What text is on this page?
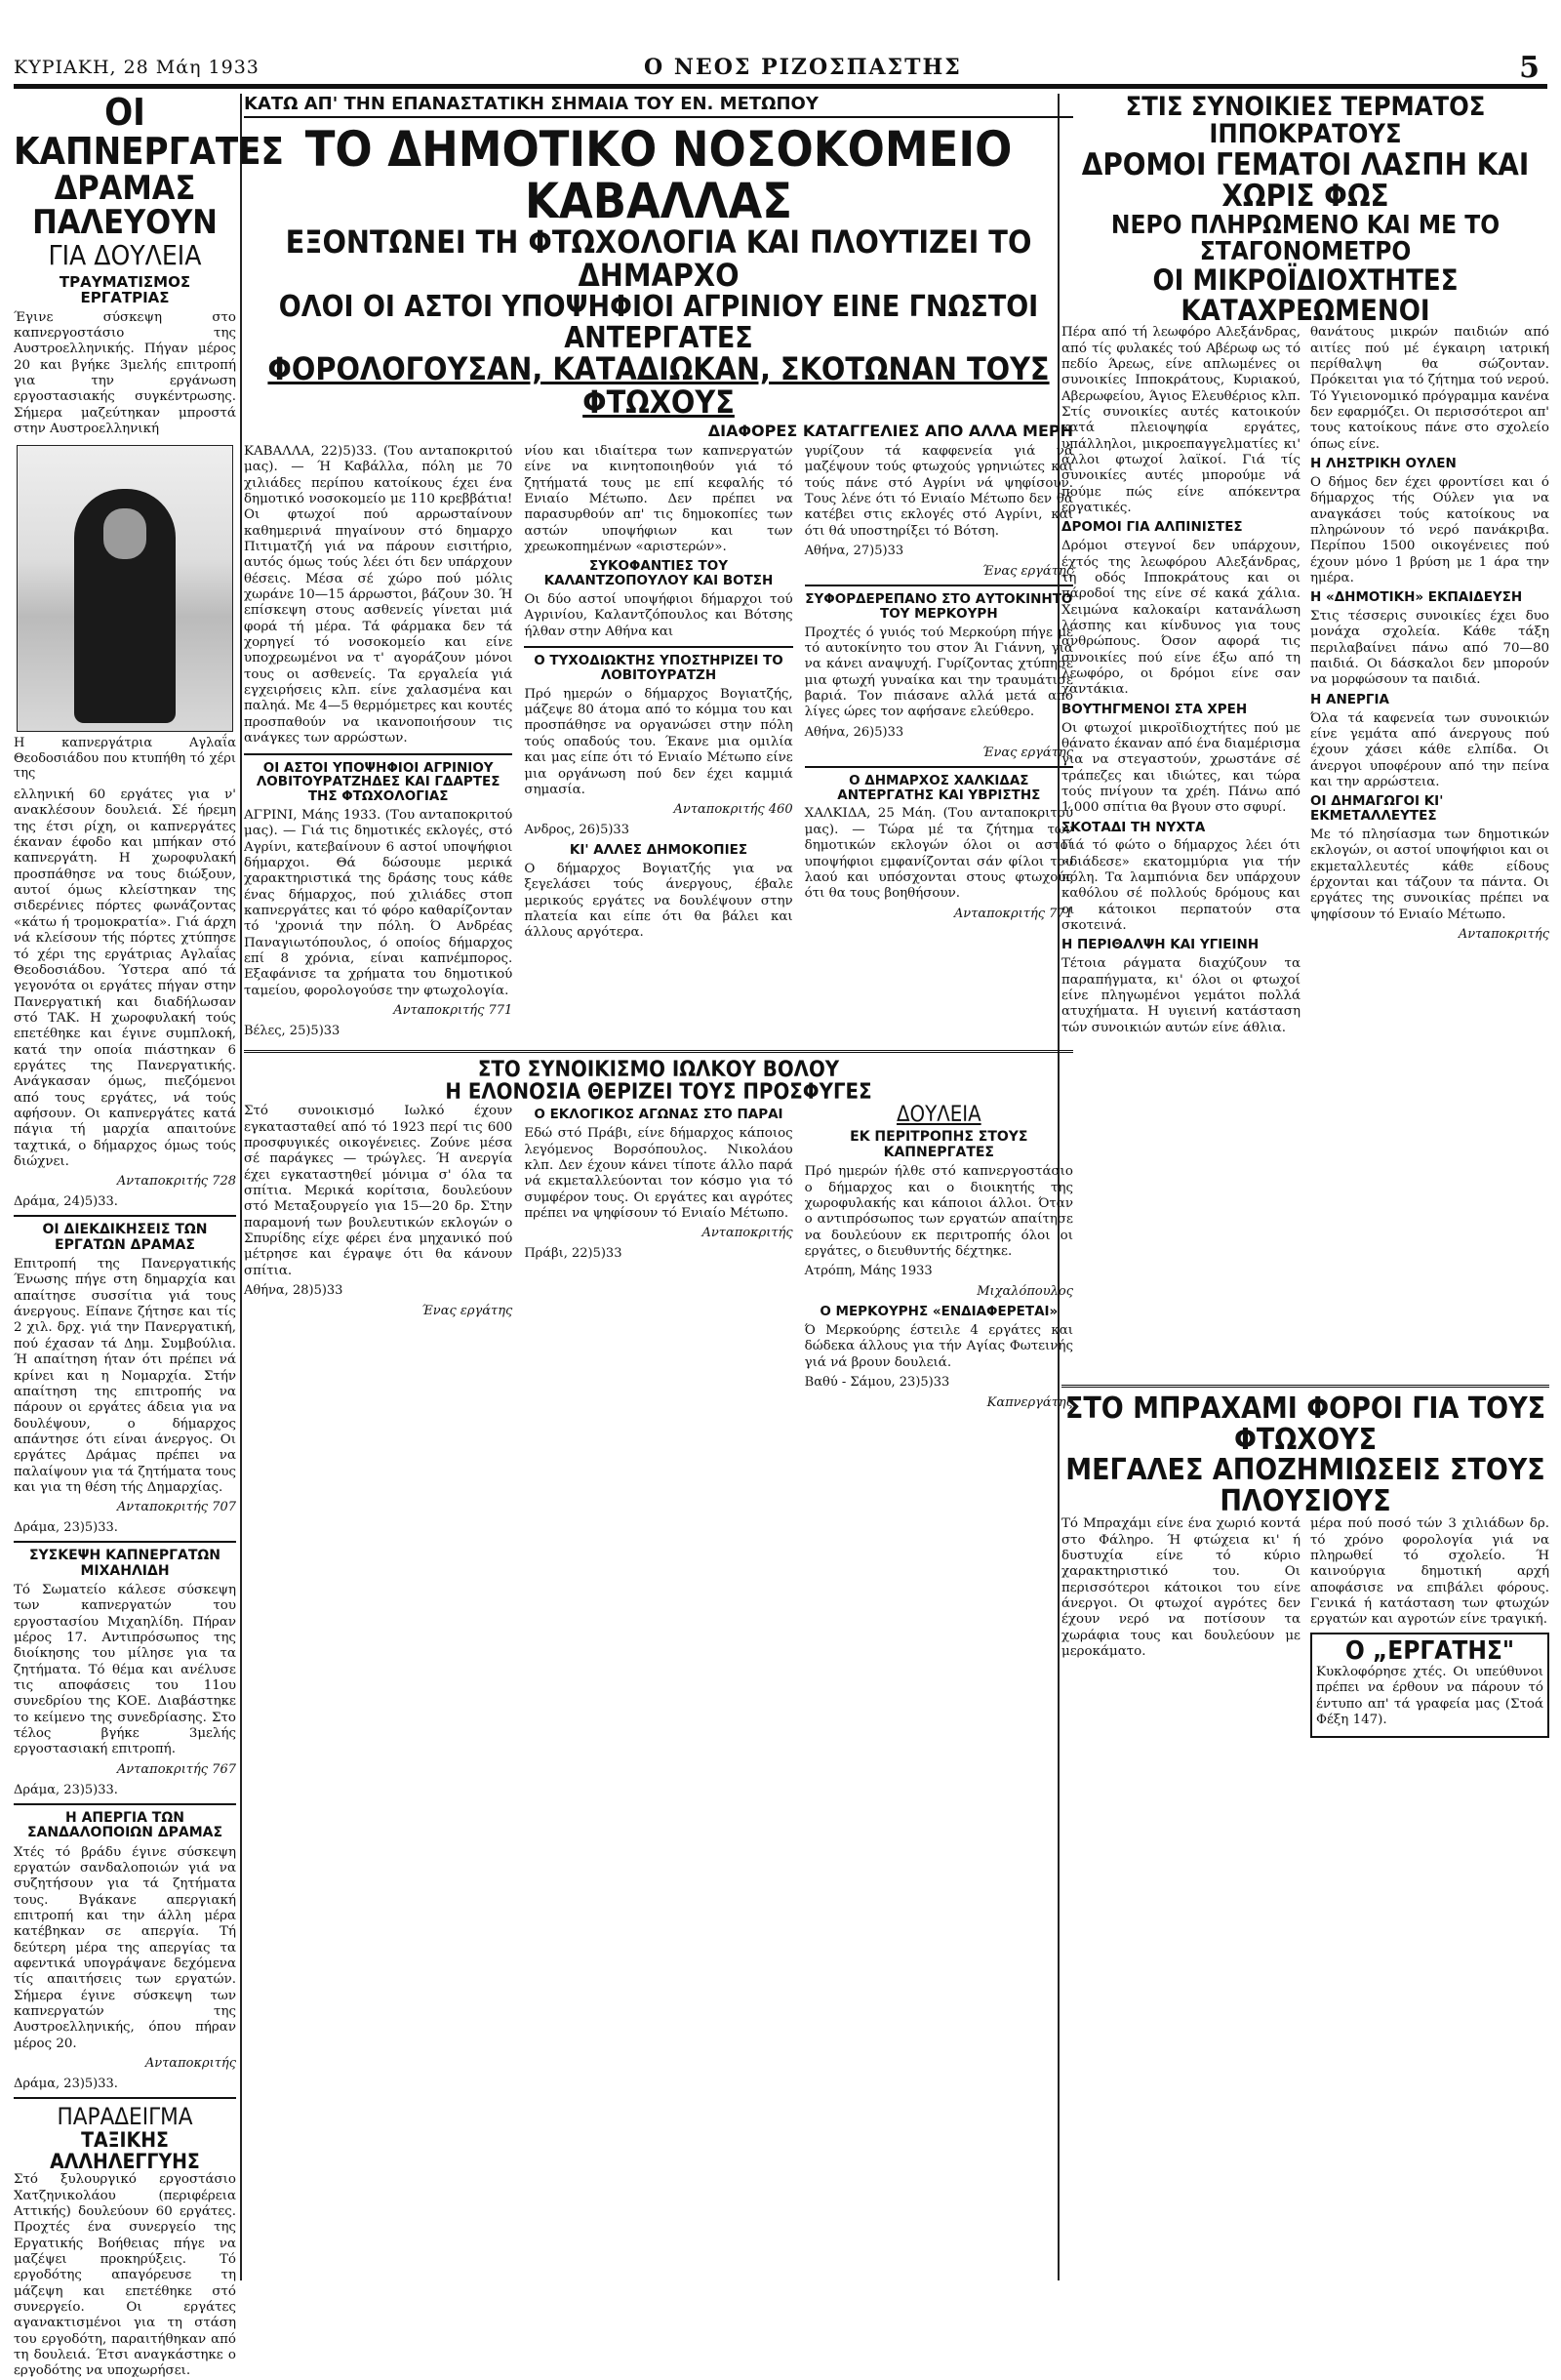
ΚΥΡΙΑΚΗ, 28 Μάη 1933	Ο ΝΕΟΣ ΡΙΖΟΣΠΑΣΤΗΣ	5
ΟΙ ΚΑΠΝΕΡΓΑΤΕΣ
ΔΡΑΜΑΣ ΠΑΛΕΥΟΥΝ
ΓΙΑ ΔΟΥΛΕΙΑ
ΤΡΑΥΜΑΤΙΣΜΟΣ ΕΡΓΑΤΡΙΑΣ

Έγινε σύσκεψη στο καπνεργοστάσιο της Αυστροελληνικής. Πήγαν μέρος 20 και βγήκε 3μελής επιτροπή για την εργάνωση εργοστασιακής συγκέντρωσης. Σήμερα μαζεύτηκαν μπροστά στην Αυστροελληνική

Η καπνεργάτρια Αγλαΐα Θεοδοσιάδου που κτυπήθη τό χέρι της

ελληνική 60 εργάτες για ν' ανακλέσουν δουλειά. Σέ ήρεμη της έτσι ρίχη, οι καπνεργάτες έκαναν έφοδο και μπήκαν στό καπνεργάτη. Η χωροφυλακή προσπάθησε να τους διώξουν, αυτοί όμως κλείστηκαν της σιδερένιες πόρτες φωνάζοντας «κάτω ή τρομοκρατία». Γιά άρχη νά κλείσουν τής πόρτες χτύπησε τό χέρι της εργάτριας Αγλαΐας Θεοδοσιάδου. Ύστερα από τά γεγονότα οι εργάτες πήγαν στην Πανεργατική και διαδήλωσαν στό ΤΑΚ. Η χωροφυλακή τούς επετέθηκε και έγινε συμπλοκή, κατά την οποία πιάστηκαν 6 εργάτες της Πανεργατικής. Ανάγκασαν όμως, πιεζόμενοι από τους εργάτες, νά τούς αφήσουν. Οι καπνεργάτες κατά πάγια τή μαρχία απαιτούνε ταχτικά, ο δήμαρχος όμως τούς διώχνει.

Ανταποκριτής 728

Δράμα, 24)5)33.

ΟΙ ΔΙΕΚΔΙΚΗΣΕΙΣ ΤΩΝ ΕΡΓΑΤΩΝ ΔΡΑΜΑΣ

Επιτροπή της Πανεργατικής Ένωσης πήγε στη δημαρχία και απαίτησε συσσίτια γιά τους άνεργους. Είπανε ζήτησε και τίς 2 χιλ. δρχ. γιά την Πανεργατική, πού έχασαν τά Δημ. Συμβούλια. Ή απαίτηση ήταν ότι πρέπει νά κρίνει και η Νομαρχία. Στήν απαίτηση της επιτροπής να πάρουν οι εργάτες άδεια για να δουλέψουν, ο δήμαρχος απάντησε ότι είναι άνεργος. Οι εργάτες Δράμας πρέπει να παλαίψουν για τά ζητήματα τους και για τη θέση τής Δημαρχίας.

Ανταποκριτής 707

Δράμα, 23)5)33.

ΣΥΣΚΕΨΗ ΚΑΠΝΕΡΓΑΤΩΝ ΜΙΧΑΗΛΙΔΗ

Τό Σωματείο κάλεσε σύσκεψη των καπνεργατών του εργοστασίου Μιχαηλίδη. Πήραν μέρος 17. Αντιπρόσωπος της διοίκησης του μίλησε για τα ζητήματα. Τό θέμα και ανέλυσε τις αποφάσεις του 11ου συνεδρίου της ΚΟΕ. Διαβάστηκε το κείμενο της συνεδρίασης. Στο τέλος βγήκε 3μελής εργοστασιακή επιτροπή.

Ανταποκριτής 767

Δράμα, 23)5)33.

Η ΑΠΕΡΓΙΑ ΤΩΝ ΣΑΝΔΑΛΟΠΟΙΩΝ ΔΡΑΜΑΣ

Χτές τό βράδυ έγινε σύσκεψη εργατών σανδαλοποιών γιά να συζητήσουν για τά ζητήματα τους. Βγάκανε απεργιακή επιτροπή και την άλλη μέρα κατέβηκαν σε απεργία. Τή δεύτερη μέρα της απεργίας τα αφεντικά υπογράψανε δεχόμενα τίς απαιτήσεις των εργατών. Σήμερα έγινε σύσκεψη των καπνεργατών της Αυστροελληνικής, όπου πήραν μέρος 20.

Ανταποκριτής

Δράμα, 23)5)33.

ΠΑΡΑΔΕΙΓΜΑ
ΤΑΞΙΚΗΣ ΑΛΛΗΛΕΓΓΥΗΣ

Στό ξυλουργικό εργοστάσιο Χατζηνικολάου (περιφέρεια Αττικής) δουλεύουν 60 εργάτες. Προχτές ένα συνεργείο της Εργατικής Βοήθειας πήγε να μαζέψει προκηρύξεις. Τό εργοδότης απαγόρευσε τη μάζεψη και επετέθηκε στό συνεργείο. Οι εργάτες αγανακτισμένοι για τη στάση του εργοδότη, παραιτήθηκαν από τη δουλειά. Έτσι αναγκάστηκε ο εργοδότης να υποχωρήσει.

ΚΑΤΩ ΑΠ' ΤΗΝ ΕΠΑΝΑΣΤΑΤΙΚΗ ΣΗΜΑΙΑ ΤΟΥ ΕΝ. ΜΕΤΩΠΟΥ
ΤΟ ΔΗΜΟΤΙΚΟ ΝΟΣΟΚΟΜΕΙΟ ΚΑΒΑΛΛΑΣ
ΕΞΟΝΤΩΝΕΙ ΤΗ ΦΤΩΧΟΛΟΓΙΑ ΚΑΙ ΠΛΟΥΤΙΖΕΙ ΤΟ ΔΗΜΑΡΧΟ
ΟΛΟΙ ΟΙ ΑΣΤΟΙ ΥΠΟΨΗΦΙΟΙ ΑΓΡΙΝΙΟΥ ΕΙΝΕ ΓΝΩΣΤΟΙ ΑΝΤΕΡΓΑΤΕΣ
ΦΟΡΟΛΟΓΟΥΣΑΝ, ΚΑΤΑΔΙΩΚΑΝ, ΣΚΟΤΩΝΑΝ ΤΟΥΣ ΦΤΩΧΟΥΣ
ΔΙΑΦΟΡΕΣ ΚΑΤΑΓΓΕΛΙΕΣ ΑΠΟ ΑΛΛΑ ΜΕΡΗ

ΚΑΒΑΛΛΑ, 22)5)33. (Του ανταποκριτού μας). — Ή Καβάλλα, πόλη με 70 χιλιάδες περίπου κατοίκους έχει ένα δημοτικό νοσοκομείο με 110 κρεββάτια! Οι φτωχοί πού αρρωσταίνουν καθημερινά πηγαίνουν στό δημαρχο Πιτιματζή γιά να πάρουν εισιτήριο, αυτός όμως τούς λέει ότι δεν υπάρχουν θέσεις. Μέσα σέ χώρο πού μόλις χωράνε 10—15 άρρωστοι, βάζουν 30. Ή επίσκεψη στους ασθενείς γίνεται μιά φορά τή μέρα. Τά φάρμακα δεν τά χορηγεί τό νοσοκομείο και είνε υποχρεωμένοι να τ' αγοράζουν μόνοι τους οι ασθενείς. Τα εργαλεία γιά εγχειρήσεις κλπ. είνε χαλασμένα και παληά. Με 4—5 θερμόμετρες και κουτές προσπαθούν να ικανοποιήσουν τις ανάγκες των αρρώστων.

ΟΙ ΑΣΤΟΙ ΥΠΟΨΗΦΙΟΙ ΑΓΡΙΝΙΟΥ ΛΟΒΙΤΟΥΡΑΤΖΗΔΕΣ ΚΑΙ ΓΔΑΡΤΕΣ ΤΗΣ ΦΤΩΧΟΛΟΓΙΑΣ

ΑΓΡΙΝΙ, Μάης 1933. (Του ανταποκριτού μας). — Γιά τις δημοτικές εκλογές, στό Αγρίνι, κατεβαίνουν 6 αστοί υποψήφιοι δήμαρχοι. Θά δώσουμε μερικά χαρακτηριστικά της δράσης τους κάθε ένας δήμαρχος, πού χιλιάδες στοπ καπνεργάτες και τό φόρο καθαρίζονταν τό 'χρονιά την πόλη. Ό Ανδρέας Παναγιωτόπουλος, ό οποίος δήμαρχος επί 8 χρόνια, είναι καπνέμπορος. Εξαφάνισε τα χρήματα του δημοτικού ταμείου, φορολογούσε την φτωχολογία.

Ανταποκριτής 771

Βέλες, 25)5)33

νίου και ιδιαίτερα των καπνεργατών είνε να κινητοποιηθούν γιά τό ζητήματά τους με επί κεφαλής τό Ενιαίο Μέτωπο. Δεν πρέπει να παρασυρθούν απ' τις δημοκοπίες των αστών υποψήφιων και των χρεωκοπημένων «αριστερών».

ΣΥΚΟΦΑΝΤΙΕΣ ΤΟΥ ΚΑΛΑΝΤΖΟΠΟΥΛΟΥ ΚΑΙ ΒΟΤΣΗ

Οι δύο αστοί υποψήφιοι δήμαρχοι τού Αγρινίου, Καλαντζόπουλος και Βότσης ήλθαν στην Αθήνα και

Ο ΤΥΧΟΔΙΩΚΤΗΣ ΥΠΟΣΤΗΡΙΖΕΙ ΤΟ ΛΟΒΙΤΟΥΡΑΤΖΗ

Πρό ημερών ο δήμαρχος Βογιατζής, μάζεψε 80 άτομα από το κόμμα του και προσπάθησε να οργανώσει στην πόλη τούς οπαδούς του. Έκανε μια ομιλία και μας είπε ότι τό Ενιαίο Μέτωπο είνε μια οργάνωση πού δεν έχει καμμιά σημασία.

Ανταποκριτής 460

Ανδρος, 26)5)33

ΚΙ' ΑΛΛΕΣ ΔΗΜΟΚΟΠΙΕΣ

Ο δήμαρχος Βογιατζής για να ξεγελάσει τούς άνεργους, έβαλε μερικούς εργάτες να δουλέψουν στην πλατεία και είπε ότι θα βάλει και άλλους αργότερα.

γυρίζουν τά καφφενεία γιά νά μαζέψουν τούς φτωχούς γρηνιώτες και τούς πάνε στό Αγρίνι νά ψηφίσουν. Τους λένε ότι τό Ενιαίο Μέτωπο δεν θά κατέβει στις εκλογές στό Αγρίνι, και ότι θά υποστηρίξει τό Βότση.

Αθήνα, 27)5)33

Ένας εργάτης

ΣΥΦΟΡΔΕΡΕΠΑΝΟ ΣΤΟ ΑΥΤΟΚΙΝΗΤΟ ΤΟΥ ΜΕΡΚΟΥΡΗ

Προχτές ό γυιός τού Μερκούρη πήγε με τό αυτοκίνητο του στον Άι Γιάννη, για να κάνει αναψυχή. Γυρίζοντας χτύπησε μια φτωχή γυναίκα και την τραυμάτισε βαριά. Τον πιάσανε αλλά μετά από λίγες ώρες τον αφήσανε ελεύθερο.

Αθήνα, 26)5)33

Ένας εργάτης

Ο ΔΗΜΑΡΧΟΣ ΧΑΛΚΙΔΑΣ ΑΝΤΕΡΓΑΤΗΣ ΚΑΙ ΥΒΡΙΣΤΗΣ

ΧΑΛΚΙΔΑ, 25 Μάη. (Του ανταποκριτού μας). — Τώρα μέ τα ζήτημα των δημοτικών εκλογών όλοι οι αστοί υποψήφιοι εμφανίζονται σάν φίλοι του λαού και υπόσχονται στους φτωχούς ότι θα τους βοηθήσουν.

Ανταποκριτής 771

ΣΤΟ ΣΥΝΟΙΚΙΣΜΟ ΙΩΛΚΟΥ ΒΟΛΟΥ
Η ΕΛΟΝΟΣΙΑ ΘΕΡΙΖΕΙ ΤΟΥΣ ΠΡΟΣΦΥΓΕΣ

Στό συνοικισμό Ιωλκό έχουν εγκατασταθεί από τό 1923 περί τις 600 προσφυγικές οικογένειες. Ζούνε μέσα σέ παράγκες — τρώγλες. Ή ανεργία έχει εγκαταστηθεί μόνιμα σ' όλα τα σπίτια. Μερικά κορίτσια, δουλεύουν στό Μεταξουργείο για 15—20 δρ. Στην παραμονή των βουλευτικών εκλογών ο Σπυρίδης είχε φέρει ένα μηχανικό πού μέτρησε και έγραψε ότι θα κάνουν σπίτια.

Αθήνα, 28)5)33

Ένας εργάτης

Ο ΕΚΛΟΓΙΚΟΣ ΑΓΩΝΑΣ ΣΤΟ ΠΑΡΑΙ

Εδώ στό Πράβι, είνε δήμαρχος κάποιος λεγόμενος Βορσόπουλος. Νικολάου κλπ. Δεν έχουν κάνει τίποτε άλλο παρά νά εκμεταλλεύονται τον κόσμο για τό συμφέρον τους. Οι εργάτες και αγρότες πρέπει να ψηφίσουν τό Ενιαίο Μέτωπο.

Ανταποκριτής

Πράβι, 22)5)33

ΔΟΥΛΕΙΑ
ΕΚ ΠΕΡΙΤΡΟΠΗΣ ΣΤΟΥΣ ΚΑΠΝΕΡΓΑΤΕΣ

Πρό ημερών ήλθε στό καπνεργοστάσιο ο δήμαρχος και ο διοικητής της χωροφυλακής και κάποιοι άλλοι. Όταν ο αντιπρόσωπος των εργατών απαίτησε να δουλεύουν εκ περιτροπής όλοι οι εργάτες, ο διευθυντής δέχτηκε.

Ατρόπη, Μάης 1933

Μιχαλόπουλος

Ο ΜΕΡΚΟΥΡΗΣ «ΕΝΔΙΑΦΕΡΕΤΑΙ»

Ό Μερκούρης έστειλε 4 εργάτες και δώδεκα άλλους για τήν Αγίας Φωτεινής γιά νά βρουν δουλειά.

Βαθύ - Σάμου, 23)5)33

Καπνεργάτης

ΣΤΙΣ ΣΥΝΟΙΚΙΕΣ ΤΕΡΜΑΤΟΣ ΙΠΠΟΚΡΑΤΟΥΣ
ΔΡΟΜΟΙ ΓΕΜΑΤΟΙ ΛΑΣΠΗ ΚΑΙ ΧΩΡΙΣ ΦΩΣ
ΝΕΡΟ ΠΛΗΡΩΜΕΝΟ ΚΑΙ ΜΕ ΤΟ ΣΤΑΓΟΝΟΜΕΤΡΟ
ΟΙ ΜΙΚΡΟΪΔΙΟΧΤΗΤΕΣ ΚΑΤΑΧΡΕΩΜΕΝΟΙ

Πέρα από τή λεωφόρο Αλεξάνδρας, από τίς φυλακές τού Αβέρωφ ως τό πεδίο Άρεως, είνε απλωμένες οι συνοικίες Ιπποκράτους, Κυριακού, Αβερωφείου, Άγιος Ελευθέριος κλπ. Στίς συνοικίες αυτές κατοικούν κατά πλειοψηφία εργάτες, υπάλληλοι, μικροεπαγγελματίες κι' άλλοι φτωχοί λαϊκοί. Γιά τίς συνοικίες αυτές μπορούμε νά πούμε πώς είνε απόκεντρα εργατικές.

ΔΡΟΜΟΙ ΓΙΑ ΑΛΠΙΝΙΣΤΕΣ

Δρόμοι στεγνοί δεν υπάρχουν, έχτός της λεωφόρου Αλεξάνδρας, τή οδός Ιπποκράτους και οι πάροδοί της είνε σέ κακά χάλια. Χειμώνα καλοκαίρι κατανάλωση λάσπης και κίνδυνος για τους ανθρώπους. Όσον αφορά τις συνοικίες πού είνε έξω από τη λεωφόρο, οι δρόμοι είνε σαν χαντάκια.

ΒΟΥΤΗΓΜΕΝΟΙ ΣΤΑ ΧΡΕΗ

Οι φτωχοί μικροϊδιοχτήτες πού με θάνατο έκαναν από ένα διαμέρισμα για να στεγαστούν, χρωστάνε σέ τράπεζες και ιδιώτες, και τώρα τούς πνίγουν τα χρέη. Πάνω από 1.000 σπίτια θα βγουν στο σφυρί.

ΣΚΟΤΑΔΙ ΤΗ ΝΥΧΤΑ

Γιά τό φώτο ο δήμαρχος λέει ότι «διάδεσε» εκατομμύρια για τήν πόλη. Τα λαμπιόνια δεν υπάρχουν καθόλου σέ πολλούς δρόμους και οι κάτοικοι περπατούν στα σκοτεινά.

Η ΠΕΡΙΘΑΛΨΗ ΚΑΙ ΥΓΙΕΙΝΗ

Τέτοια ράγματα διαχύζουν τα παραπήγματα, κι' όλοι οι φτωχοί είνε πληγωμένοι γεμάτοι πολλά ατυχήματα. Η υγιεινή κατάσταση τών συνοικιών αυτών είνε άθλια.

θανάτους μικρών παιδιών από αιτίες πού μέ έγκαιρη ιατρική περίθαλψη θα σώζονταν. Πρόκειται για τό ζήτημα τού νερού. Τό Υγιειονομικό πρόγραμμα κανένα δεν εφαρμόζει. Οι περισσότεροι απ' τους κατοίκους πάνε στο σχολείο όπως είνε.

Η ΛΗΣΤΡΙΚΗ ΟΥΛΕΝ

Ο δήμος δεν έχει φροντίσει και ό δήμαρχος τής Ούλεν για να αναγκάσει τούς κατοίκους να πληρώνουν τό νερό πανάκριβα. Περίπου 1500 οικογένειες πού έχουν μόνο 1 βρύση με 1 άρα την ημέρα.

Η «ΔΗΜΟΤΙΚΗ» ΕΚΠΑΙΔΕΥΣΗ

Στις τέσσερις συνοικίες έχει δυο μονάχα σχολεία. Κάθε τάξη περιλαβαίνει πάνω από 70—80 παιδιά. Οι δάσκαλοι δεν μπορούν να μορφώσουν τα παιδιά.

Η ΑΝΕΡΓΙΑ

Όλα τά καφενεία των συνοικιών είνε γεμάτα από άνεργους πού έχουν χάσει κάθε ελπίδα. Οι άνεργοι υποφέρουν από την πείνα και την αρρώστεια.

ΟΙ ΔΗΜΑΓΩΓΟΙ ΚΙ' ΕΚΜΕΤΑΛΛΕΥΤΕΣ

Με τό πλησίασμα των δημοτικών εκλογών, οι αστοί υποψήφιοι και οι εκμεταλλευτές κάθε είδους έρχονται και τάζουν τα πάντα. Οι εργάτες της συνοικίας πρέπει να ψηφίσουν τό Ενιαίο Μέτωπο.

Ανταποκριτής

ΣΤΟ ΜΠΡΑΧΑΜΙ ΦΟΡΟΙ ΓΙΑ ΤΟΥΣ ΦΤΩΧΟΥΣ
ΜΕΓΑΛΕΣ ΑΠΟΖΗΜΙΩΣΕΙΣ ΣΤΟΥΣ ΠΛΟΥΣΙΟΥΣ

Τό Μπραχάμι είνε ένα χωριό κοντά στο Φάληρο. Ή φτώχεια κι' ή δυστυχία είνε τό κύριο χαρακτηριστικό του. Οι περισσότεροι κάτοικοι του είνε άνεργοι. Οι φτωχοί αγρότες δεν έχουν νερό να ποτίσουν τα χωράφια τους και δουλεύουν με μεροκάματο.

μέρα πού ποσό τών 3 χιλιάδων δρ. τό χρόνο φορολογία γιά να πληρωθεί τό σχολείο. Ή καινούργια δημοτική αρχή αποφάσισε να επιβάλει φόρους. Γενικά ή κατάσταση των φτωχών εργατών και αγροτών είνε τραγική.

Ο „ΕΡΓΑΤΗΣ"

Κυκλοφόρησε χτές. Οι υπεύθυνοι πρέπει να έρθουν να πάρουν τό έντυπο απ' τά γραφεία μας (Στοά Φέξη 147).
